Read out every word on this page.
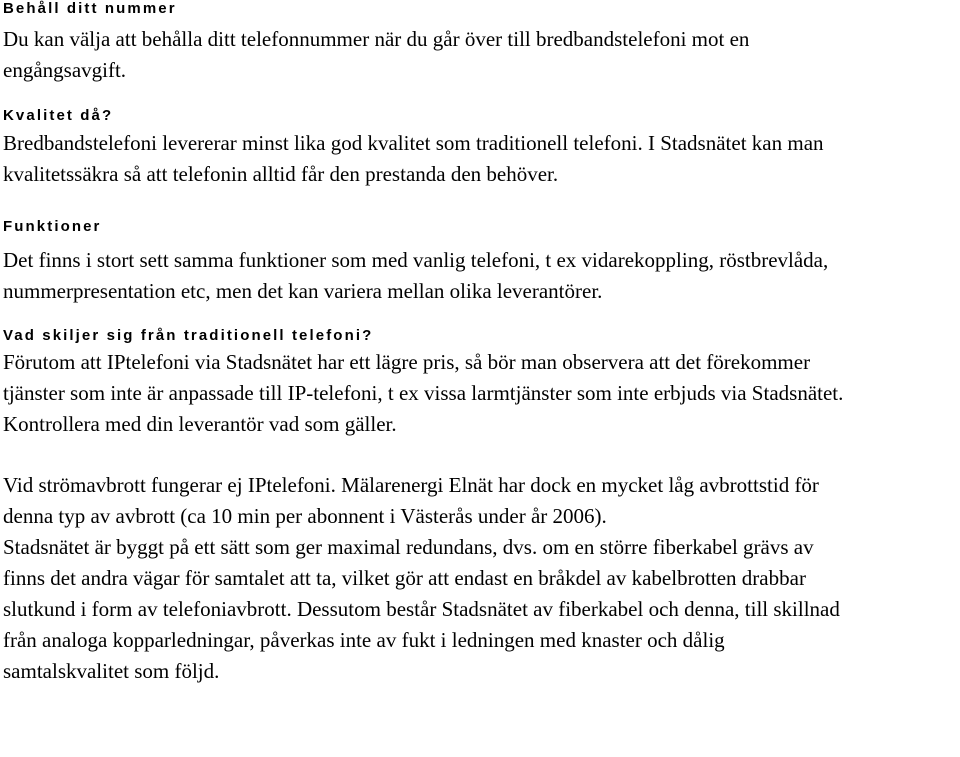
Behåll ditt nummer

Du kan välja att behålla ditt telefonnummer när du går över till bredbandstelefoni mot en
engångsavgift.

Kvalitet då?

Bredbandstelefoni levererar minst lika god kvalitet som traditionell telefoni. I Stadsnätet kan man
kvalitetssäkra så att telefonin alltid får den prestanda den behöver.

Funktioner

Det finns i stort sett samma funktioner som med vanlig telefoni, t ex vidarekoppling, röstbrevlåda,
nummerpresentation etc, men det kan variera mellan olika leverantörer.

Vad skiljer sig från traditionell telefoni?

Förutom att IPtelefoni via Stadsnätet har ett lägre pris, så bör man observera att det förekommer
tjänster som inte är anpassade till IP-telefoni, t ex vissa larmtjänster som inte erbjuds via Stadsnätet.
Kontrollera med din leverantör vad som gäller.

Vid strömavbrott fungerar ej IPtelefoni. Mälarenergi Elnät har dock en mycket låg avbrottstid för
denna typ av avbrott (ca 10 min per abonnent i Västerås under år 2006).

Stadsnätet är byggt på ett sätt som ger maximal redundans, dvs. om en större fiberkabel grävs av
finns det andra vägar för samtalet att ta, vilket gör att endast en bråkdel av kabelbrotten drabbar
slutkund i form av telefoniavbrott. Dessutom består Stadsnätet av fiberkabel och denna, till skillnad
från analoga kopparledningar, påverkas inte av fukt i ledningen med knaster och dålig
samtalskvalitet som följd.
